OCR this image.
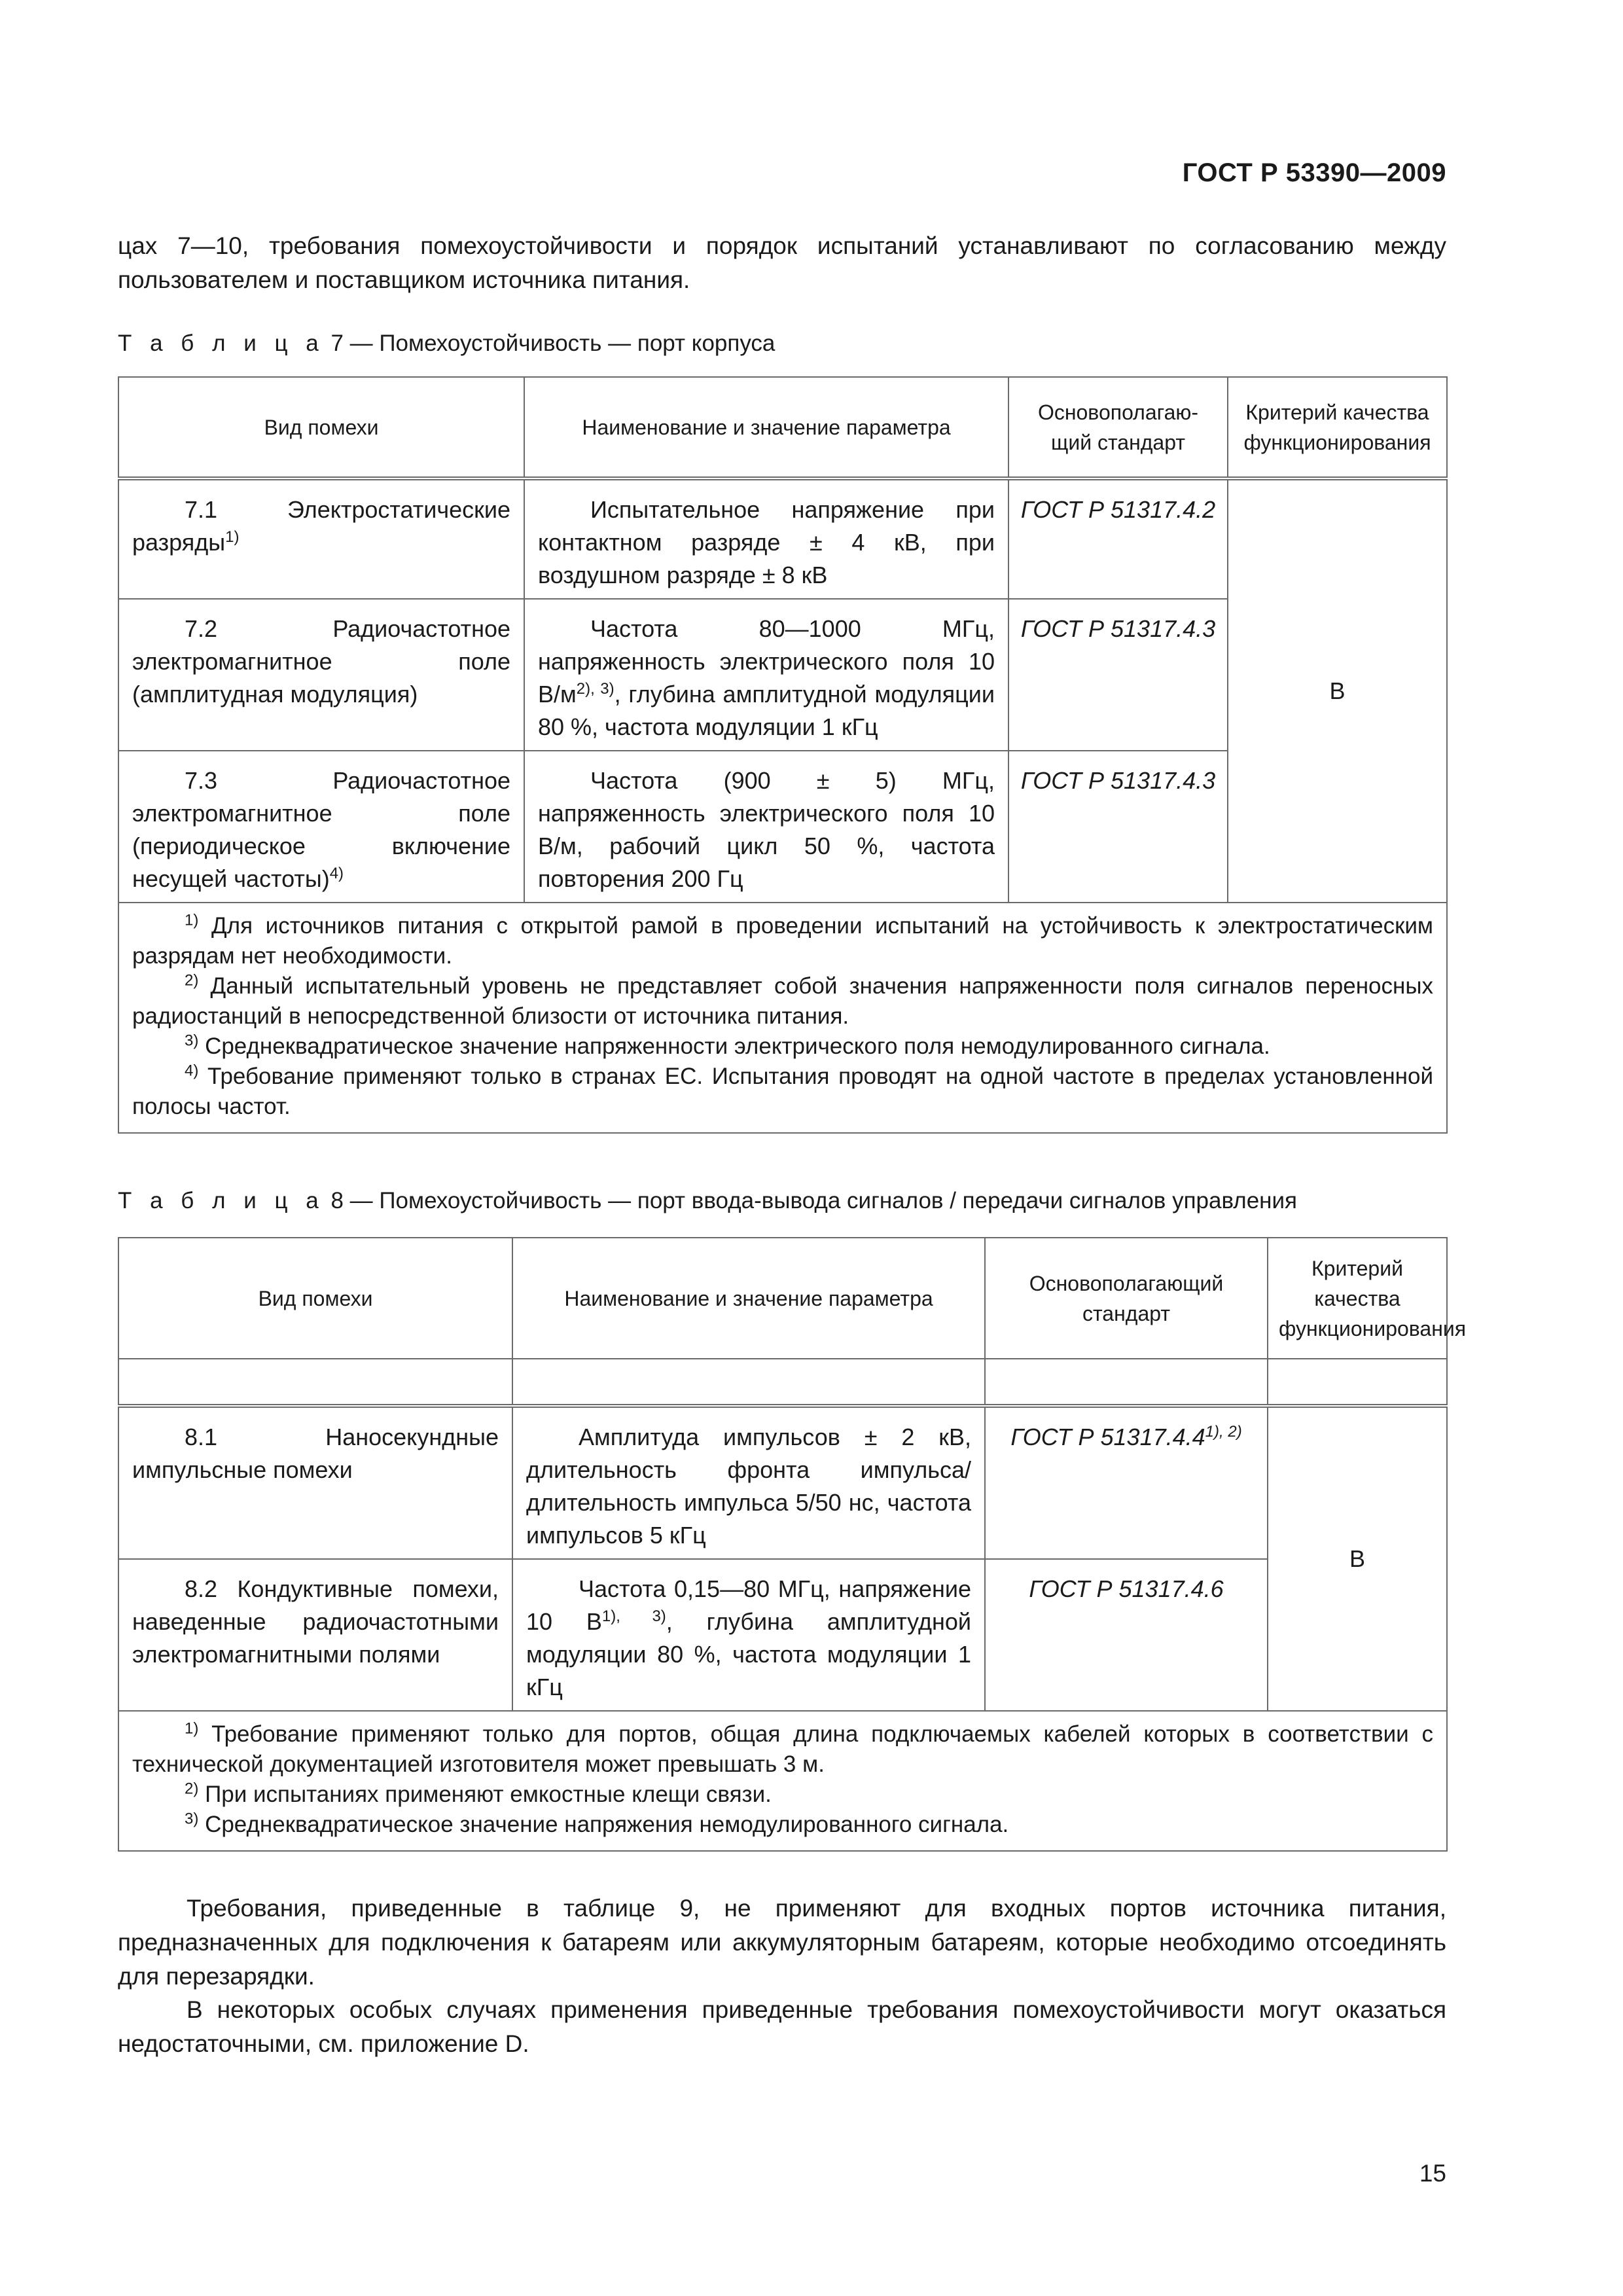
ГОСТ Р 53390—2009

цах 7—10, требования помехоустойчивости и порядок испытаний устанавливают по согласованию между пользователем и поставщиком источника питания.

Т а б л и ц а 7 — Помехоустойчивость — порт корпуса
Вид помехи	Наименование и значение параметра	Основополагаю-щий стандарт	Критерий качества функционирования

7.1 Электростатические разряды$^{1)}$	Испытательное напряжение при контактном разряде ± 4 кВ, при воздушном разряде ± 8 кВ	ГОСТ Р 51317.4.2	B

7.2 Радиочастотное электромагнитное поле (амплитудная модуляция)	Частота 80—1000 МГц, напряженность электрического поля 10 $В/м^{2), 3)}$, глубина амплитудной модуляции 80 %, частота модуляции 1 кГц	ГОСТ Р 51317.4.3	

7.3 Радиочастотное электромагнитное поле (периодическое включение несущей частоты)$^{4)}$	Частота (900 ± 5) МГц, напряженность электрического поля 10 В/м, рабочий цикл 50 %, частота повторения 200 Гц	ГОСТ Р 51317.4.3	

$^{1)}$ Для источников питания с открытой рамой в проведении испытаний на устойчивость к электростатическим разрядам нет необходимости.

$^{2)}$ Данный испытательный уровень не представляет собой значения напряженности поля сигналов переносных радиостанций в непосредственной близости от источника питания.

$^{3)}$ Среднеквадратическое значение напряженности электрического поля немодулированного сигнала.

$^{4)}$ Требование применяют только в странах ЕС. Испытания проводят на одной частоте в пределах установленной полосы частот.			

Т а б л и ц а 8 — Помехоустойчивость — порт ввода-вывода сигналов / передачи сигналов управления
Вид помехи	Наименование и значение параметра	Основополагающий стандарт	Критерий качества функционирования

8.1 Наносекундные импульсные помехи	Амплитуда импульсов ± 2 кВ, длительность фронта импульса/длительность импульса 5/50 нс, частота импульсов 5 кГц	ГОСТ Р $51317.4.4^{1), 2)}$	B

8.2 Кондуктивные помехи, наведенные радиочастотными электромагнитными полями	Частота 0,15—80 МГц, напряжение 10 $В^{1), 3)}$, глубина амплитудной модуляции 80 %, частота модуляции 1 кГц	ГОСТ Р 51317.4.6	

$^{1)}$ Требование применяют только для портов, общая длина подключаемых кабелей которых в соответствии с технической документацией изготовителя может превышать 3 м.

$^{2)}$ При испытаниях применяют емкостные клещи связи.

$^{3)}$ Среднеквадратическое значение напряжения немодулированного сигнала.			

Требования, приведенные в таблице 9, не применяют для входных портов источника питания, предназначенных для подключения к батареям или аккумуляторным батареям, которые необходимо отсоединять для перезарядки.

В некоторых особых случаях применения приведенные требования помехоустойчивости могут оказаться недостаточными, см. приложение D.

15
